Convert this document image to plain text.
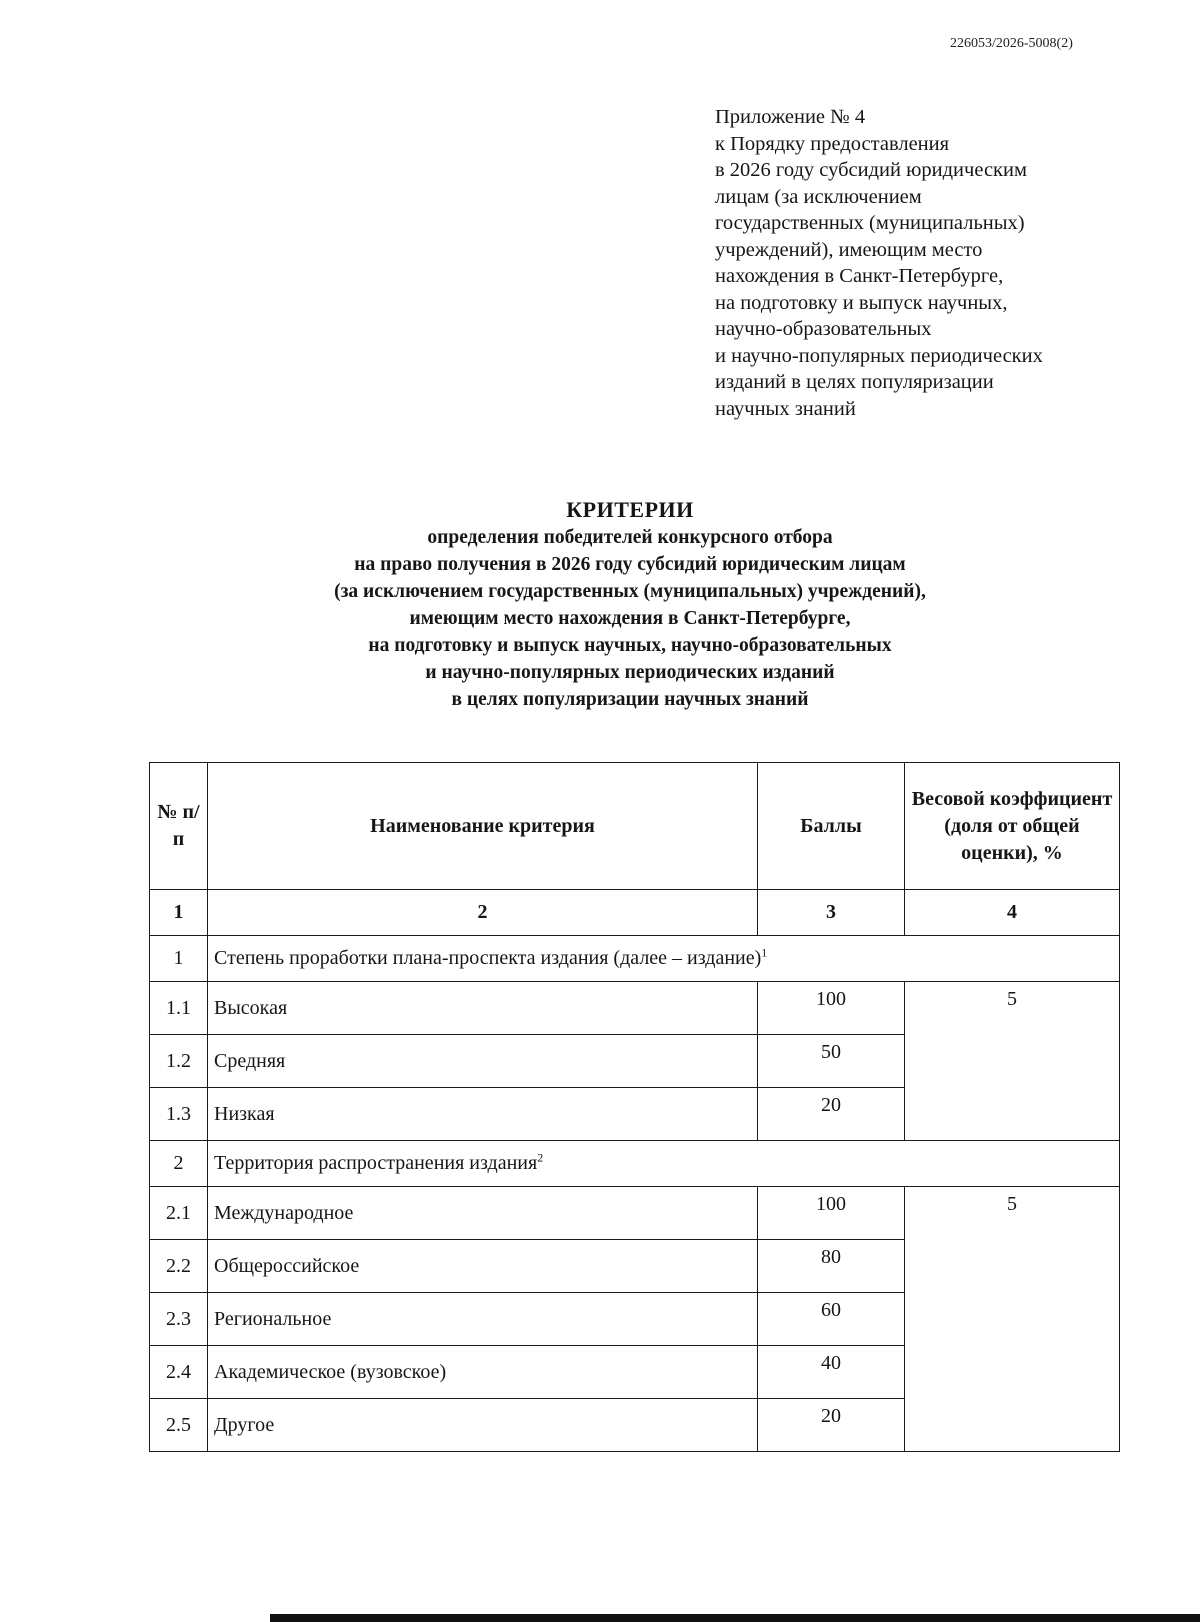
226053/2026-5008(2)
Приложение № 4
к Порядку предоставления
в 2026 году субсидий юридическим
лицам (за исключением
государственных (муниципальных)
учреждений), имеющим место
нахождения в Санкт-Петербурге,
на подготовку и выпуск научных,
научно-образовательных
и научно-популярных периодических
изданий в целях популяризации
научных знаний
КРИТЕРИИ
определения победителей конкурсного отбора
на право получения в 2026 году субсидий юридическим лицам
(за исключением государственных (муниципальных) учреждений),
имеющим место нахождения в Санкт-Петербурге,
на подготовку и выпуск научных, научно-образовательных
и научно-популярных периодических изданий
в целях популяризации научных знаний
№ п/п	Наименование критерия	Баллы	Весовой коэффициент (доля от общей оценки), %
1	2	3	4
1	Степень проработки плана-проспекта издания (далее – издание)$^1$
1.1	Высокая	100	5
1.2	Средняя	50	
1.3	Низкая	20	
2	Территория распространения издания$^2$
2.1	Международное	100	5
2.2	Общероссийское	80	
2.3	Региональное	60	
2.4	Академическое (вузовское)	40	
2.5	Другое	20	
